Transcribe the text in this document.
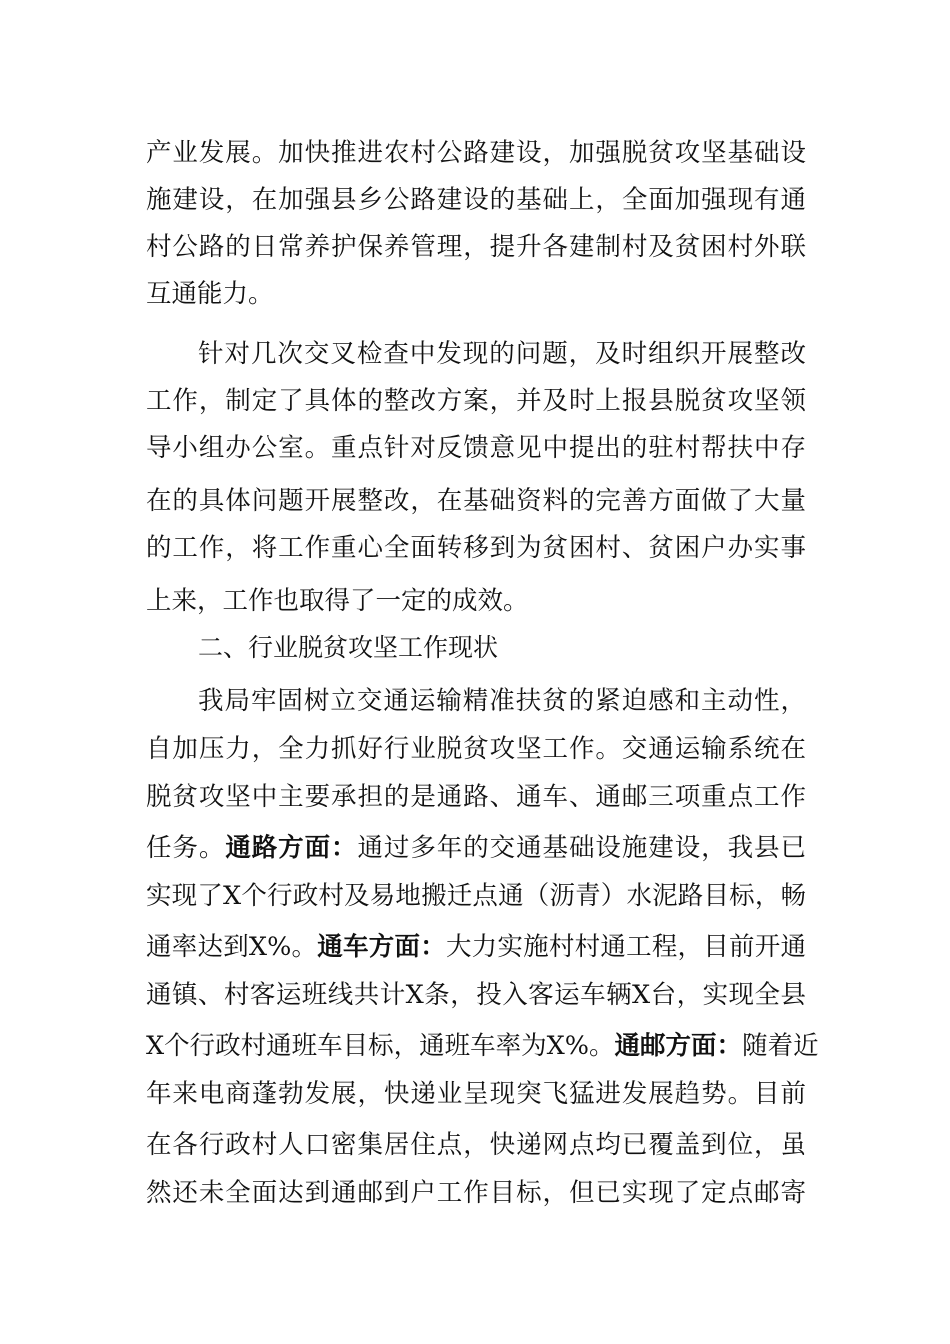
产业发展。加快推进农村公路建设，加强脱贫攻坚基础设
施建设，在加强县乡公路建设的基础上，全面加强现有通
村公路的日常养护保养管理，提升各建制村及贫困村外联
互通能力。
针对几次交叉检查中发现的问题，及时组织开展整改
工作，制定了具体的整改方案，并及时上报县脱贫攻坚领
导小组办公室。重点针对反馈意见中提出的驻村帮扶中存
在的具体问题开展整改，在基础资料的完善方面做了大量
的工作，将工作重心全面转移到为贫困村、贫困户办实事
上来，工作也取得了一定的成效。
二、行业脱贫攻坚工作现状
我局牢固树立交通运输精准扶贫的紧迫感和主动性，
自加压力，全力抓好行业脱贫攻坚工作。交通运输系统在
脱贫攻坚中主要承担的是通路、通车、通邮三项重点工作
任务。通路方面：通过多年的交通基础设施建设，我县已
实现了X个行政村及易地搬迁点通（沥青）水泥路目标，畅
通率达到X%。通车方面：大力实施村村通工程，目前开通
通镇、村客运班线共计X条，投入客运车辆X台，实现全县
X个行政村通班车目标，通班车率为X%。通邮方面：随着近
年来电商蓬勃发展，快递业呈现突飞猛进发展趋势。目前
在各行政村人口密集居住点，快递网点均已覆盖到位，虽
然还未全面达到通邮到户工作目标，但已实现了定点邮寄
